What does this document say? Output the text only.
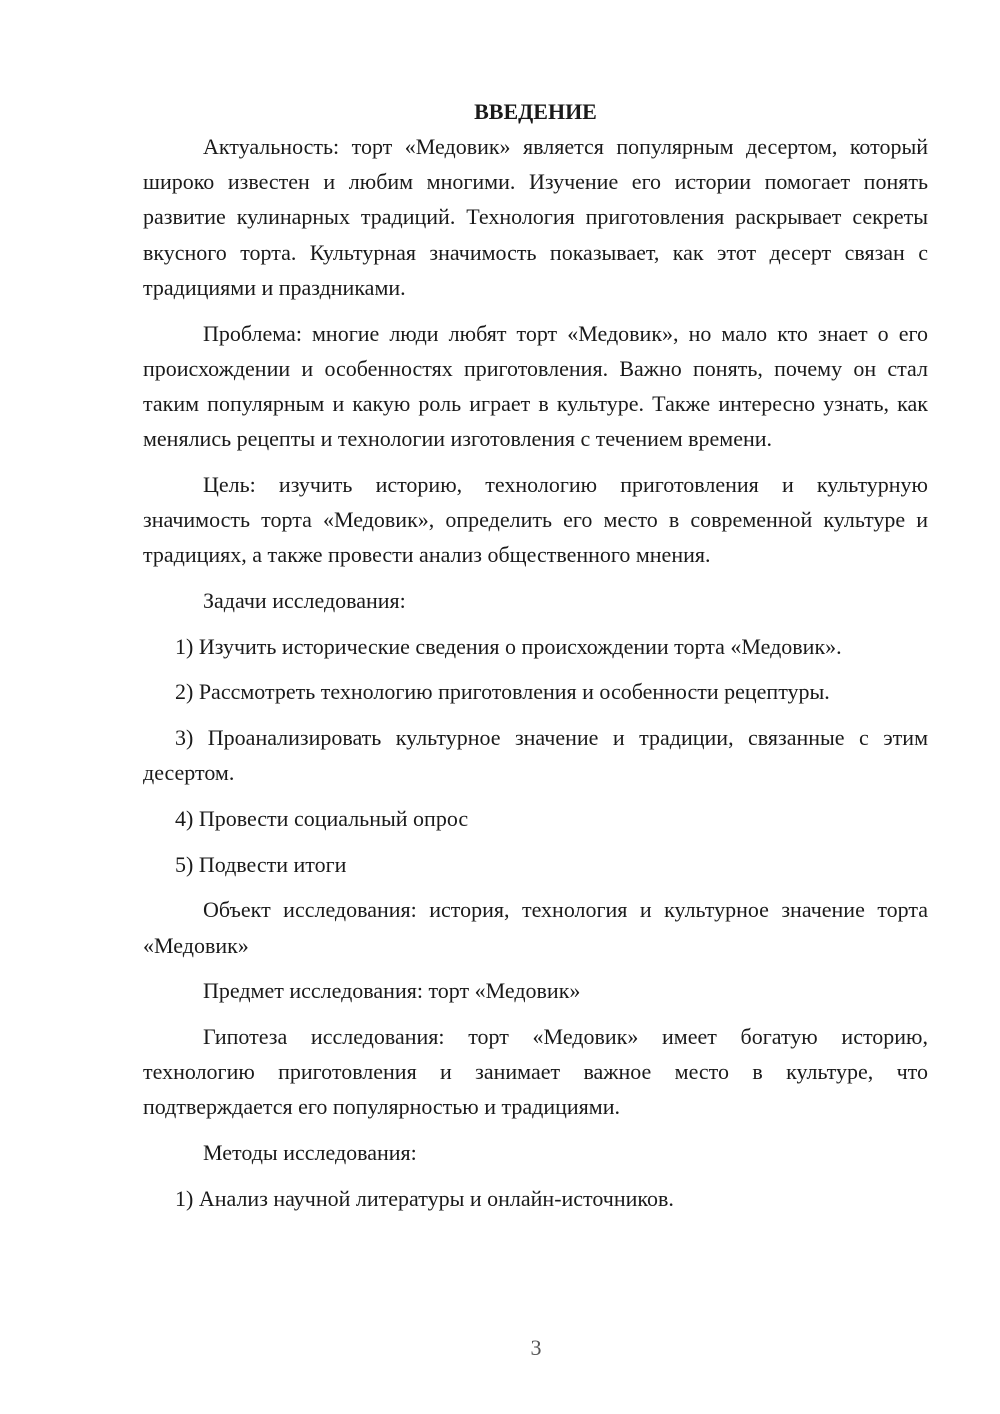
ВВЕДЕНИЕ

Актуальность: торт «Медовик» является популярным десертом, который широко известен и любим многими. Изучение его истории помогает понять развитие кулинарных традиций. Технология приготовления раскрывает секреты вкусного торта. Культурная значимость показывает, как этот десерт связан с традициями и праздниками.

Проблема: многие люди любят торт «Медовик», но мало кто знает о его происхождении и особенностях приготовления. Важно понять, почему он стал таким популярным и какую роль играет в культуре. Также интересно узнать, как менялись рецепты и технологии изготовления с течением времени.

Цель: изучить историю, технологию приготовления и культурную значимость торта «Медовик», определить его место в современной культуре и традициях, а также провести анализ общественного мнения.

Задачи исследования:

1) Изучить исторические сведения о происхождении торта «Медовик».

2) Рассмотреть технологию приготовления и особенности рецептуры.

3) Проанализировать культурное значение и традиции, связанные с этим десертом.

4) Провести социальный опрос

5) Подвести итоги

Объект исследования: история, технология и культурное значение торта «Медовик»

Предмет исследования: торт «Медовик»

Гипотеза исследования: торт «Медовик» имеет богатую историю, технологию приготовления и занимает важное место в культуре, что подтверждается его популярностью и традициями.

Методы исследования:

1) Анализ научной литературы и онлайн-источников.

3
